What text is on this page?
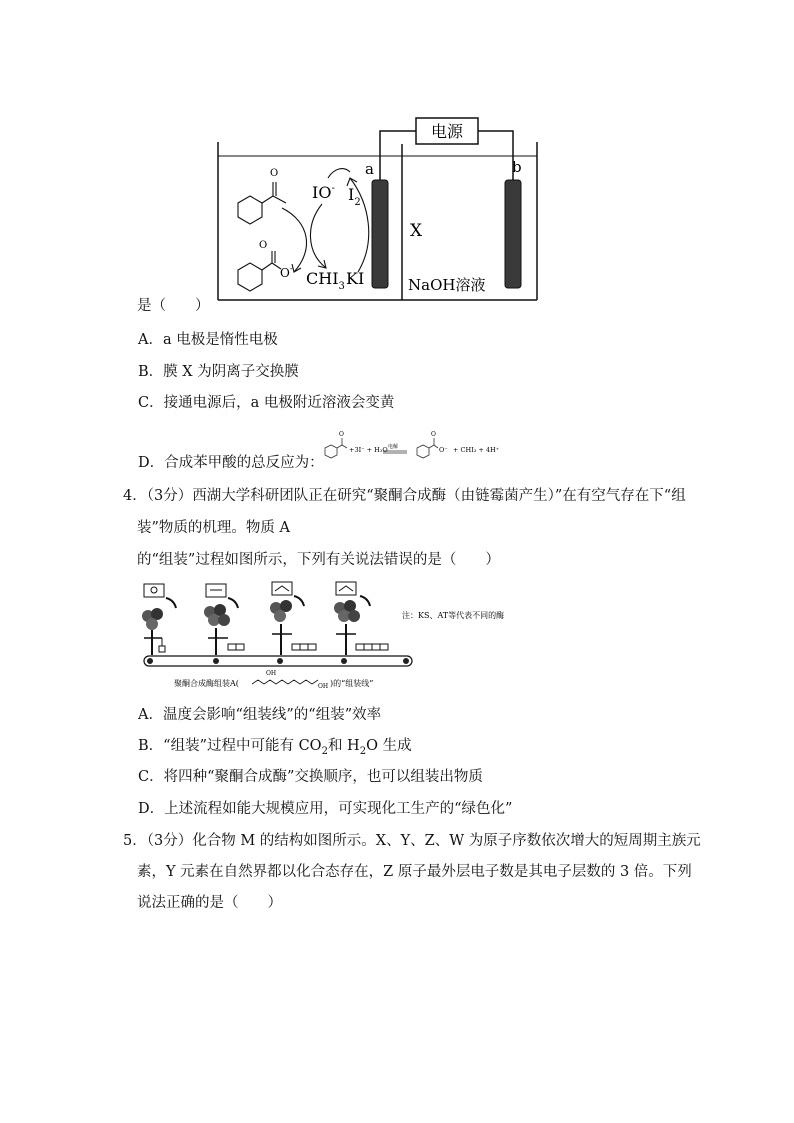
电源
a	b
X
NaOH溶液
O
O
O-
IO- $I_2$
$CHI_3$ KI
是（　　）
A．a 电极是惰性电极
B．膜 X 为阴离子交换膜
C．接通电源后，a 电极附近溶液会变黄
D．合成苯甲酸的总反应为：
O
+3I⁻ + H₂O 电解
O
O⁻ + CHI₃ + 4H⁺
4．（3分）西湖大学科研团队正在研究“聚酮合成酶（由链霉菌产生）”在有空气存在下“组
装”物质的机理。物质 A
的“组装”过程如图所示，下列有关说法错误的是（　　）
注：KS、AT等代表不同的酶
聚酮合成酶组装A(
OH
OH )的“组装线”
A．温度会影响“组装线”的“组装”效率
B．“组装”过程中可能有 $CO_2$和 $H_2O$ 生成
C．将四种“聚酮合成酶”交换顺序，也可以组装出物质
D．上述流程如能大规模应用，可实现化工生产的“绿色化”
5．（3分）化合物 M 的结构如图所示。X、Y、Z、W 为原子序数依次增大的短周期主族元
素，Y 元素在自然界都以化合态存在，Z 原子最外层电子数是其电子层数的 3 倍。下列
说法正确的是（　　）
